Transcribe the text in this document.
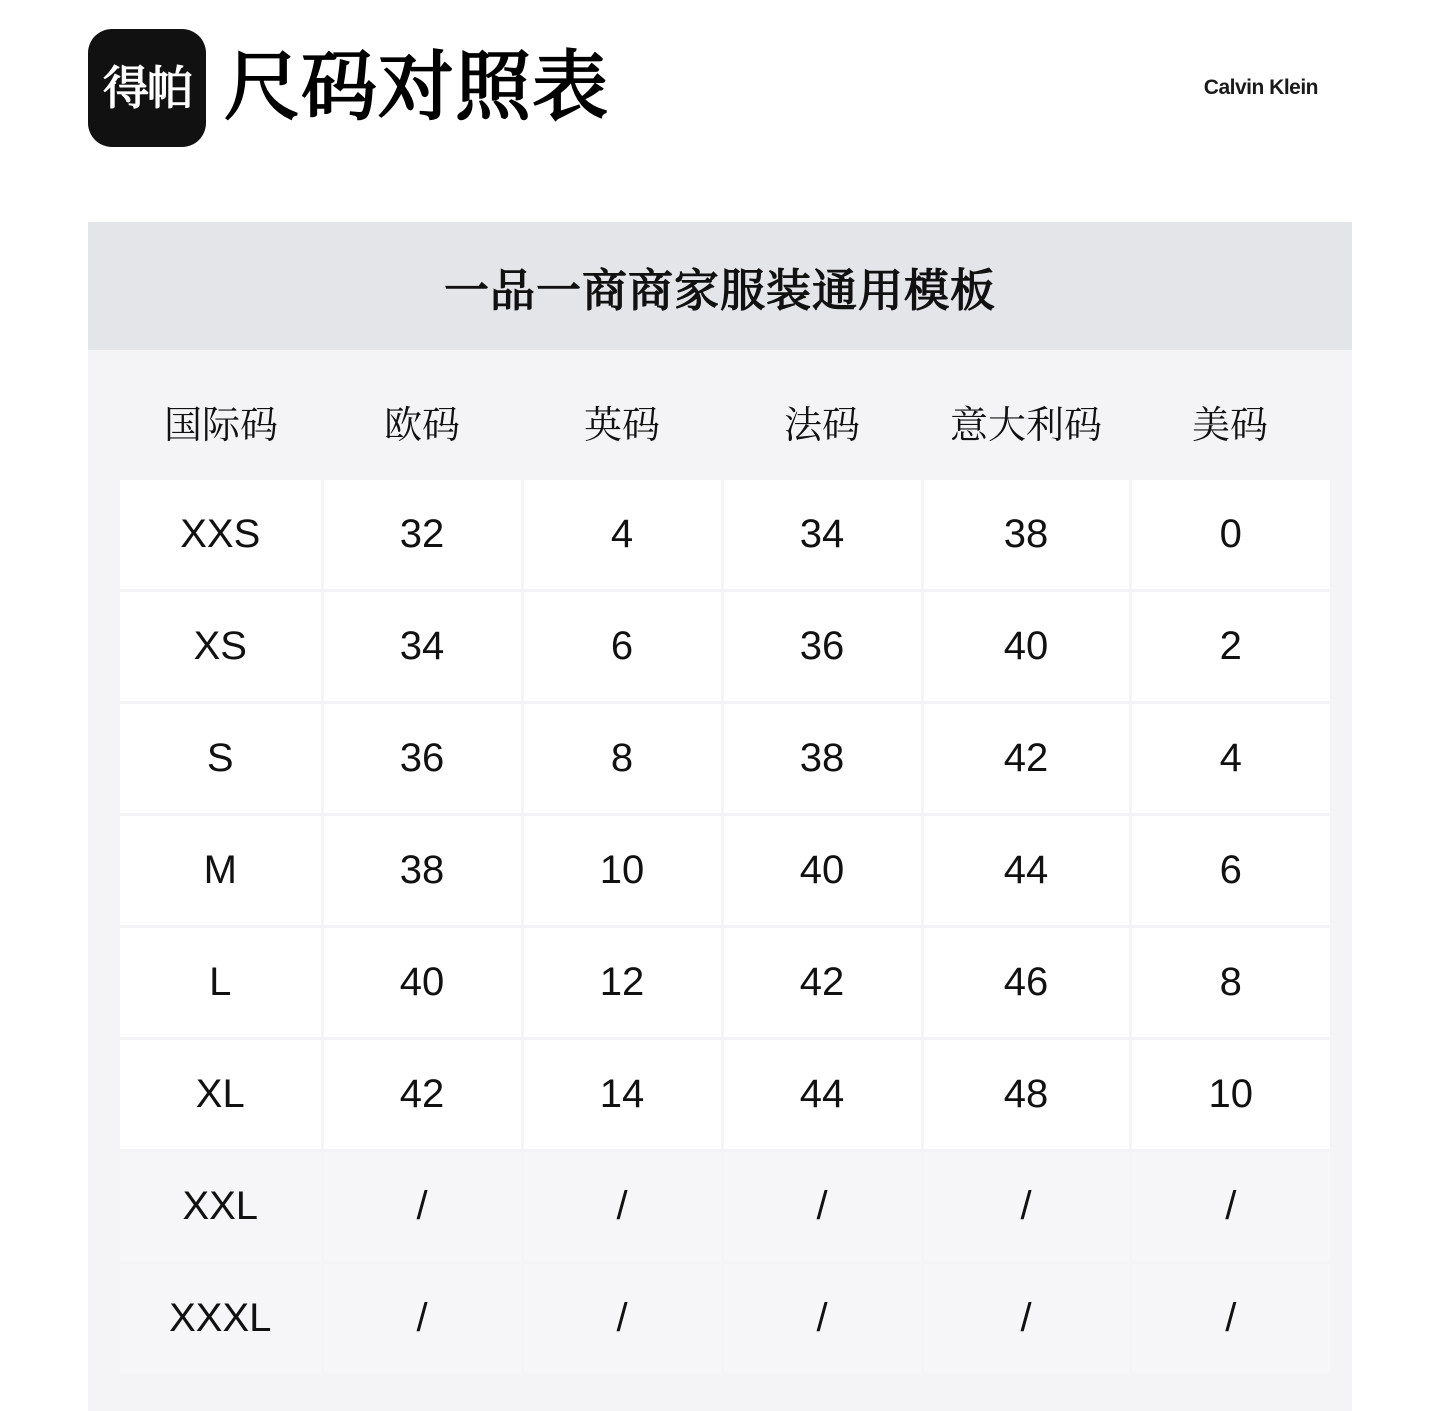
得帕 尺码对照表	Calvin Klein
一品一商商家服装通用模板
国际码	欧码	英码	法码	意大利码	美码
XXS	32	4	34	38	0
XS	34	6	36	40	2
S	36	8	38	42	4
M	38	10	40	44	6
L	40	12	42	46	8
XL	42	14	44	48	10
XXL	/	/	/	/	/
XXXL	/	/	/	/	/
